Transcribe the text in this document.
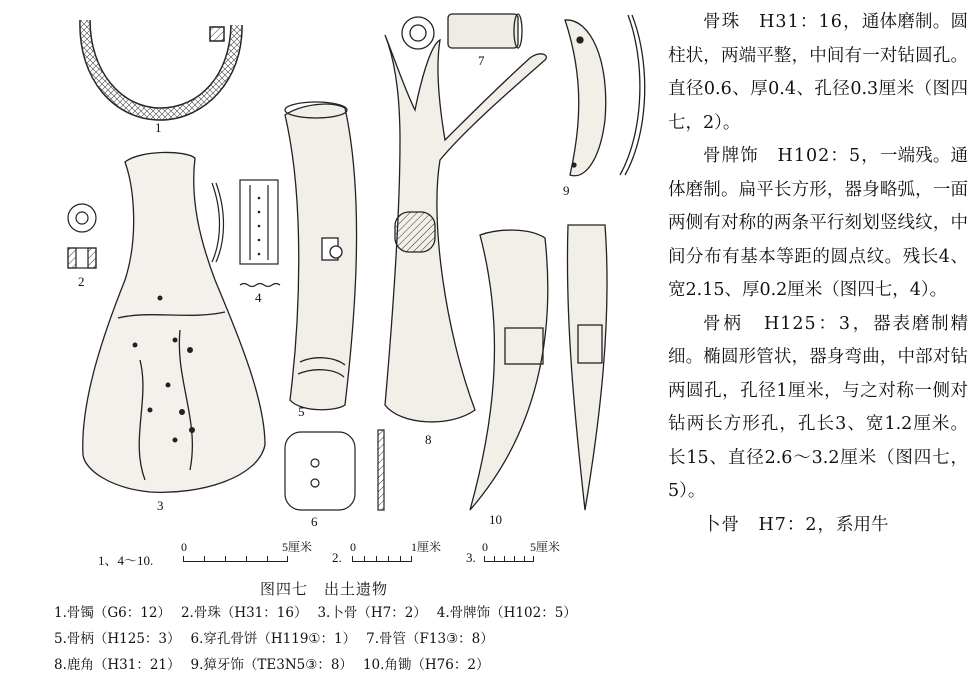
1
2
3
4
5
6
7
8
9
10
1、4～10.
0	5厘米
2.
0	1厘米
3.
0	5厘米
图四七　出土遗物
1.骨镯（G6：12） 2.骨珠（H31：16） 3.卜骨（H7：2） 4.骨牌饰（H102：5）
5.骨柄（H125：3） 6.穿孔骨饼（H119①：1） 7.骨管（F13③：8）
8.鹿角（H31：21） 9.獐牙饰（TE3N5③：8） 10.角锄（H76：2）

骨珠　H31：16，通体磨制。圆柱状，两端平整，中间有一对钻圆孔。直径0.6、厚0.4、孔径0.3厘米（图四七，2）。

骨牌饰　H102：5，一端残。通体磨制。扁平长方形，器身略弧，一面两侧有对称的两条平行刻划竖线纹，中间分布有基本等距的圆点纹。残长4、宽2.15、厚0.2厘米（图四七，4）。

骨柄　H125：3，器表磨制精细。椭圆形管状，器身弯曲，中部对钻两圆孔，孔径1厘米，与之对称一侧对钻两长方形孔，孔长3、宽1.2厘米。长15、直径2.6～3.2厘米（图四七，5）。

卜骨　H7：2，系用牛
